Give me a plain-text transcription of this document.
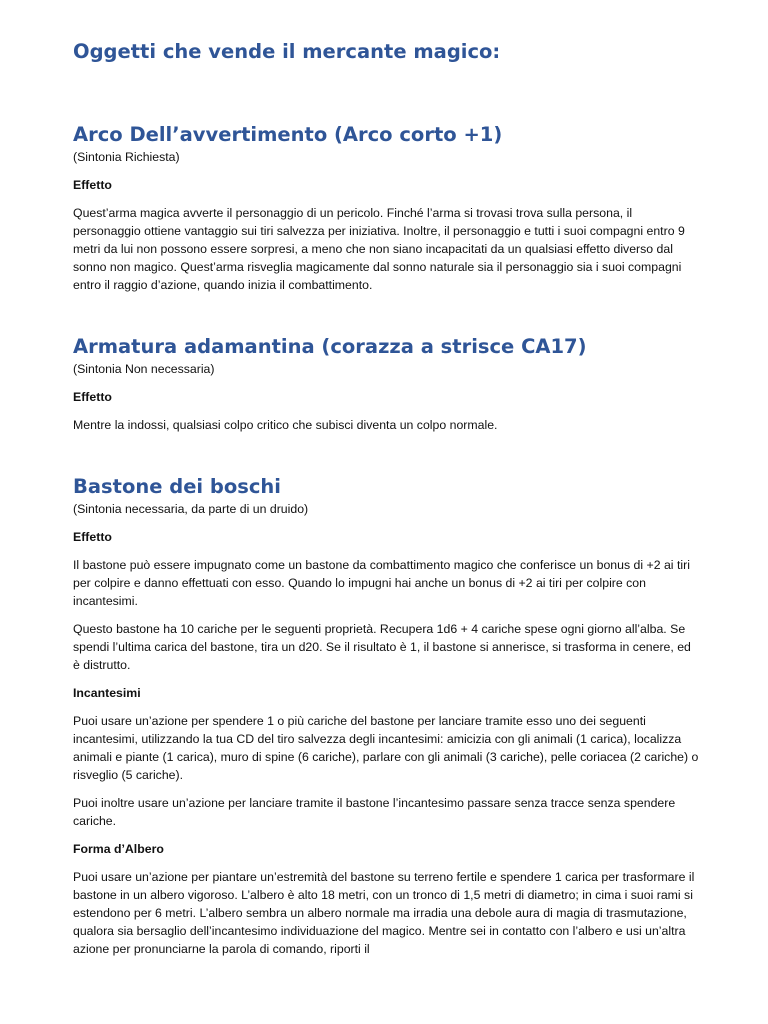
Oggetti che vende il mercante magico:
Arco Dell’avvertimento (Arco corto +1)

(Sintonia Richiesta)

Effetto

Quest’arma magica avverte il personaggio di un pericolo. Finché l’arma si trovasi trova sulla persona, il personaggio ottiene vantaggio sui tiri salvezza per iniziativa. Inoltre, il personaggio e tutti i suoi compagni entro 9 metri da lui non possono essere sorpresi, a meno che non siano incapacitati da un qualsiasi effetto diverso dal sonno non magico. Quest’arma risveglia magicamente dal sonno naturale sia il personaggio sia i suoi compagni entro il raggio d’azione, quando inizia il combattimento.

Armatura adamantina (corazza a strisce CA17)

(Sintonia Non necessaria)

Effetto

Mentre la indossi, qualsiasi colpo critico che subisci diventa un colpo normale.

Bastone dei boschi

(Sintonia necessaria, da parte di un druido)

Effetto

Il bastone può essere impugnato come un bastone da combattimento magico che conferisce un bonus di +2 ai tiri per colpire e danno effettuati con esso. Quando lo impugni hai anche un bonus di +2 ai tiri per colpire con incantesimi.

Questo bastone ha 10 cariche per le seguenti proprietà. Recupera 1d6 + 4 cariche spese ogni giorno all’alba. Se spendi l’ultima carica del bastone, tira un d20. Se il risultato è 1, il bastone si annerisce, si trasforma in cenere, ed è distrutto.

Incantesimi

Puoi usare un’azione per spendere 1 o più cariche del bastone per lanciare tramite esso uno dei seguenti incantesimi, utilizzando la tua CD del tiro salvezza degli incantesimi: amicizia con gli animali (1 carica), localizza animali e piante (1 carica), muro di spine (6 cariche), parlare con gli animali (3 cariche), pelle coriacea (2 cariche) o risveglio (5 cariche).

Puoi inoltre usare un’azione per lanciare tramite il bastone l’incantesimo passare senza tracce senza spendere cariche.

Forma d’Albero

Puoi usare un’azione per piantare un’estremità del bastone su terreno fertile e spendere 1 carica per trasformare il bastone in un albero vigoroso. L’albero è alto 18 metri, con un tronco di 1,5 metri di diametro; in cima i suoi rami si estendono per 6 metri. L’albero sembra un albero normale ma irradia una debole aura di magia di trasmutazione, qualora sia bersaglio dell’incantesimo individuazione del magico. Mentre sei in contatto con l’albero e usi un’altra azione per pronunciarne la parola di comando, riporti il
